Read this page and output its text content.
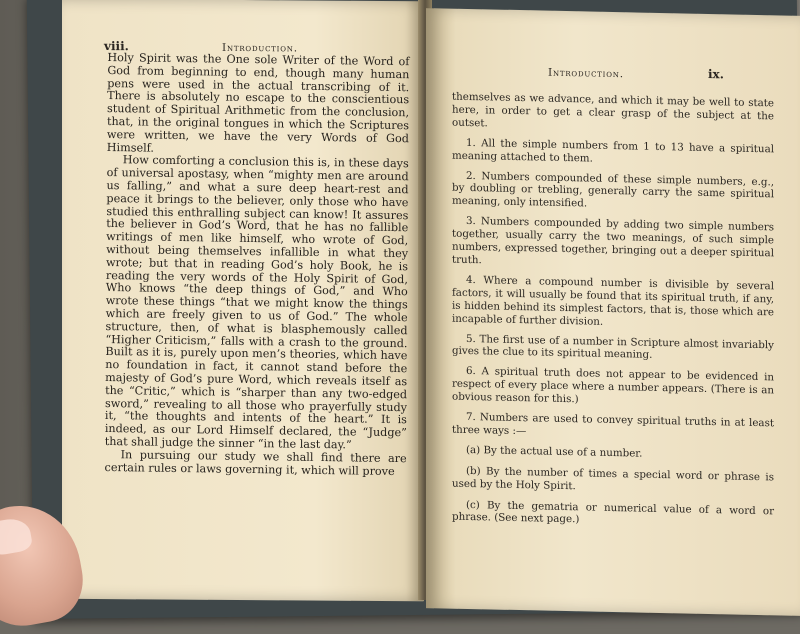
viii.	Introduction.

Holy Spirit was the One sole Writer of the Word of God from beginning to end, though many human pens were used in the actual transcribing of it. There is absolutely no escape to the conscientious student of Spiritual Arithmetic from the conclusion, that, in the original tongues in which the Scriptures were written, we have the very Words of God Himself.

How comforting a conclusion this is, in these days of universal apostasy, when “mighty men are around us falling,” and what a sure deep heart-rest and peace it brings to the believer, only those who have studied this enthralling subject can know! It assures the believer in God’s Word, that he has no fallible writings of men like himself, who wrote of God, without being themselves infallible in what they wrote; but that in reading God’s holy Book, he is reading the very words of the Holy Spirit of God, Who knows “the deep things of God,” and Who wrote these things “that we might know the things which are freely given to us of God.” The whole structure, then, of what is blasphemously called “Higher Criticism,” falls with a crash to the ground. Built as it is, purely upon men’s theories, which have no foundation in fact, it cannot stand before the majesty of God’s pure Word, which reveals itself as the “Critic,” which is “sharper than any two-edged sword,” revealing to all those who prayerfully study it, “the thoughts and intents of the heart.” It is indeed, as our Lord Himself declared, the “Judge” that shall judge the sinner “in the last day.”

In pursuing our study we shall find there are certain rules or laws governing it, which will prove

Introduction.	ix.

themselves as we advance, and which it may be well to state here, in order to get a clear grasp of the subject at the outset.

1. All the simple numbers from 1 to 13 have a spiritual meaning attached to them.

2. Numbers compounded of these simple numbers, e.g., by doubling or trebling, generally carry the same spiritual meaning, only intensified.

3. Numbers compounded by adding two simple numbers together, usually carry the two meanings, of such simple numbers, expressed together, bringing out a deeper spiritual truth.

4. Where a compound number is divisible by several factors, it will usually be found that its spiritual truth, if any, is hidden behind its simplest factors, that is, those which are incapable of further division.

5. The first use of a number in Scripture almost invariably gives the clue to its spiritual meaning.

6. A spiritual truth does not appear to be evidenced in respect of every place where a number appears. (There is an obvious reason for this.)

7. Numbers are used to convey spiritual truths in at least three ways :—

(a) By the actual use of a number.

(b) By the number of times a special word or phrase is used by the Holy Spirit.

(c) By the gematria or numerical value of a word or phrase. (See next page.)
